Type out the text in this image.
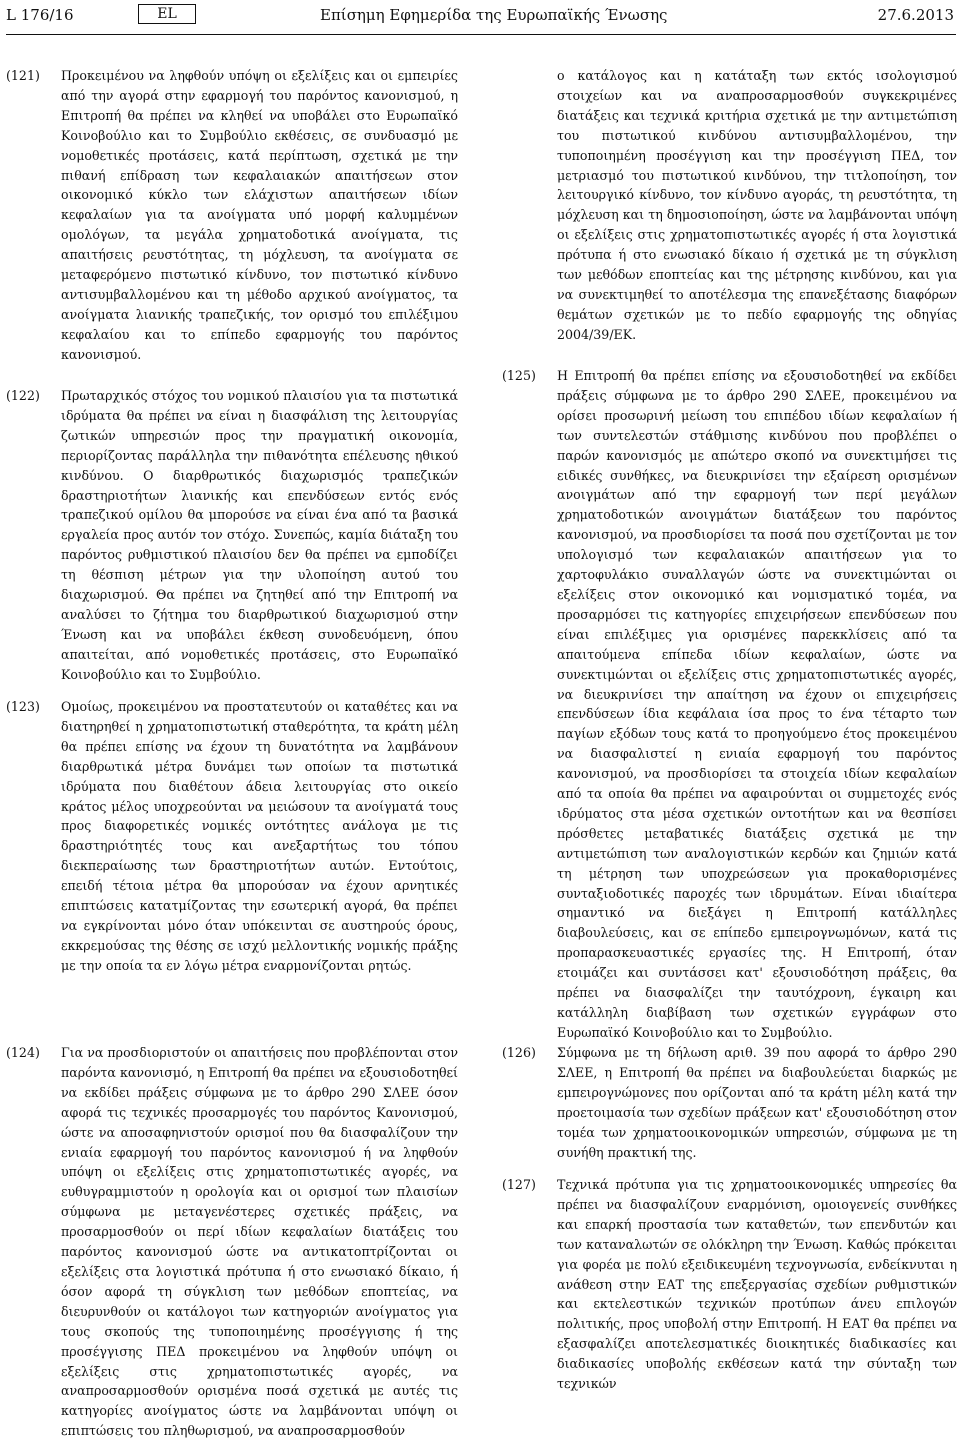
L 176/16	EL	Επίσημη Εφημερίδα της Ευρωπαϊκής Ένωσης	27.6.2013
(121) Προκειμένου να ληφθούν υπόψη οι εξελίξεις και οι εμπειρίες από την αγορά στην εφαρμογή του παρόντος κανονισμού, η Επιτροπή θα πρέπει να κληθεί να υποβάλει στο Ευρωπαϊκό Κοινοβούλιο και το Συμβούλιο εκθέσεις, σε συνδυασμό με νομοθετικές προτάσεις, κατά περίπτωση, σχετικά με την πιθανή επίδραση των κεφαλαιακών απαιτήσεων στον οικονομικό κύκλο των ελάχιστων απαιτήσεων ιδίων κεφαλαίων για τα ανοίγματα υπό μορφή καλυμμένων ομολόγων, τα μεγάλα χρηματοδοτικά ανοίγματα, τις απαιτήσεις ρευστότητας, τη μόχλευση, τα ανοίγματα σε μεταφερόμενο πιστωτικό κίνδυνο, τον πιστωτικό κίνδυνο αντισυμβαλλομένου και τη μέθοδο αρχικού ανοίγματος, τα ανοίγματα λιανικής τραπεζικής, τον ορισμό του επιλέξιμου κεφαλαίου και το επίπεδο εφαρμογής του παρόντος κανονισμού.
(122) Πρωταρχικός στόχος του νομικού πλαισίου για τα πιστωτικά ιδρύματα θα πρέπει να είναι η διασφάλιση της λειτουργίας ζωτικών υπηρεσιών προς την πραγματική οικονομία, περιορίζοντας παράλληλα την πιθανότητα επέλευσης ηθικού κινδύνου. Ο διαρθρωτικός διαχωρισμός τραπεζικών δραστηριοτήτων λιανικής και επενδύσεων εντός ενός τραπεζικού ομίλου θα μπορούσε να είναι ένα από τα βασικά εργαλεία προς αυτόν τον στόχο. Συνεπώς, καμία διάταξη του παρόντος ρυθμιστικού πλαισίου δεν θα πρέπει να εμποδίζει τη θέσπιση μέτρων για την υλοποίηση αυτού του διαχωρισμού. Θα πρέπει να ζητηθεί από την Επιτροπή να αναλύσει το ζήτημα του διαρθρωτικού διαχωρισμού στην Ένωση και να υποβάλει έκθεση συνοδευόμενη, όπου απαιτείται, από νομοθετικές προτάσεις, στο Ευρωπαϊκό Κοινοβούλιο και το Συμβούλιο.
(123) Ομοίως, προκειμένου να προστατευτούν οι καταθέτες και να διατηρηθεί η χρηματοπιστωτική σταθερότητα, τα κράτη μέλη θα πρέπει επίσης να έχουν τη δυνατότητα να λαμβάνουν διαρθρωτικά μέτρα δυνάμει των οποίων τα πιστωτικά ιδρύματα που διαθέτουν άδεια λειτουργίας στο οικείο κράτος μέλος υποχρεούνται να μειώσουν τα ανοίγματά τους προς διαφορετικές νομικές οντότητες ανάλογα με τις δραστηριότητές τους και ανεξαρτήτως του τόπου διεκπεραίωσης των δραστηριοτήτων αυτών. Εντούτοις, επειδή τέτοια μέτρα θα μπορούσαν να έχουν αρνητικές επιπτώσεις κατατμίζοντας την εσωτερική αγορά, θα πρέπει να εγκρίνονται μόνο όταν υπόκεινται σε αυστηρούς όρους, εκκρεμούσας της θέσης σε ισχύ μελλοντικής νομικής πράξης με την οποία τα εν λόγω μέτρα εναρμονίζονται ρητώς.
(124) Για να προσδιοριστούν οι απαιτήσεις που προβλέπονται στον παρόντα κανονισμό, η Επιτροπή θα πρέπει να εξουσιοδοτηθεί να εκδίδει πράξεις σύμφωνα με το άρθρο 290 ΣΛΕΕ όσον αφορά τις τεχνικές προσαρμογές του παρόντος Κανονισμού, ώστε να αποσαφηνιστούν ορισμοί που θα διασφαλίζουν την ενιαία εφαρμογή του παρόντος κανονισμού ή να ληφθούν υπόψη οι εξελίξεις στις χρηματοπιστωτικές αγορές, να ευθυγραμμιστούν η ορολογία και οι ορισμοί των πλαισίων σύμφωνα με μεταγενέστερες σχετικές πράξεις, να προσαρμοσθούν οι περί ιδίων κεφαλαίων διατάξεις του παρόντος κανονισμού ώστε να αντικατοπτρίζονται οι εξελίξεις στα λογιστικά πρότυπα ή στο ενωσιακό δίκαιο, ή όσον αφορά τη σύγκλιση των μεθόδων εποπτείας, να διευρυνθούν οι κατάλογοι των κατηγοριών ανοίγματος για τους σκοπούς της τυποποιημένης προσέγγισης ή της προσέγγισης ΠΕΔ προκειμένου να ληφθούν υπόψη οι εξελίξεις στις χρηματοπιστωτικές αγορές, να αναπροσαρμοσθούν ορισμένα ποσά σχετικά με αυτές τις κατηγορίες ανοίγματος ώστε να λαμβάνονται υπόψη οι επιπτώσεις του πληθωρισμού, να αναπροσαρμοσθούν
ο κατάλογος και η κατάταξη των εκτός ισολογισμού στοιχείων και να αναπροσαρμοσθούν συγκεκριμένες διατάξεις και τεχνικά κριτήρια σχετικά με την αντιμετώπιση του πιστωτικού κινδύνου αντισυμβαλλομένου, την τυποποιημένη προσέγγιση και την προσέγγιση ΠΕΔ, τον μετριασμό του πιστωτικού κινδύνου, την τιτλοποίηση, τον λειτουργικό κίνδυνο, τον κίνδυνο αγοράς, τη ρευστότητα, τη μόχλευση και τη δημοσιοποίηση, ώστε να λαμβάνονται υπόψη οι εξελίξεις στις χρηματοπιστωτικές αγορές ή στα λογιστικά πρότυπα ή στο ενωσιακό δίκαιο ή σχετικά με τη σύγκλιση των μεθόδων εποπτείας και της μέτρησης κινδύνου, και για να συνεκτιμηθεί το αποτέλεσμα της επανεξέτασης διαφόρων θεμάτων σχετικών με το πεδίο εφαρμογής της οδηγίας 2004/39/ΕΚ.
(125) Η Επιτροπή θα πρέπει επίσης να εξουσιοδοτηθεί να εκδίδει πράξεις σύμφωνα με το άρθρο 290 ΣΛΕΕ, προκειμένου να ορίσει προσωρινή μείωση του επιπέδου ιδίων κεφαλαίων ή των συντελεστών στάθμισης κινδύνου που προβλέπει ο παρών κανονισμός με απώτερο σκοπό να συνεκτιμήσει τις ειδικές συνθήκες, να διευκρινίσει την εξαίρεση ορισμένων ανοιγμάτων από την εφαρμογή των περί μεγάλων χρηματοδοτικών ανοιγμάτων διατάξεων του παρόντος κανονισμού, να προσδιορίσει τα ποσά που σχετίζονται με τον υπολογισμό των κεφαλαιακών απαιτήσεων για το χαρτοφυλάκιο συναλλαγών ώστε να συνεκτιμώνται οι εξελίξεις στον οικονομικό και νομισματικό τομέα, να προσαρμόσει τις κατηγορίες επιχειρήσεων επενδύσεων που είναι επιλέξιμες για ορισμένες παρεκκλίσεις από τα απαιτούμενα επίπεδα ιδίων κεφαλαίων, ώστε να συνεκτιμώνται οι εξελίξεις στις χρηματοπιστωτικές αγορές, να διευκρινίσει την απαίτηση να έχουν οι επιχειρήσεις επενδύσεων ίδια κεφάλαια ίσα προς το ένα τέταρτο των παγίων εξόδων τους κατά το προηγούμενο έτος προκειμένου να διασφαλιστεί η ενιαία εφαρμογή του παρόντος κανονισμού, να προσδιορίσει τα στοιχεία ιδίων κεφαλαίων από τα οποία θα πρέπει να αφαιρούνται οι συμμετοχές ενός ιδρύματος στα μέσα σχετικών οντοτήτων και να θεσπίσει πρόσθετες μεταβατικές διατάξεις σχετικά με την αντιμετώπιση των αναλογιστικών κερδών και ζημιών κατά τη μέτρηση των υποχρεώσεων για προκαθορισμένες συνταξιοδοτικές παροχές των ιδρυμάτων. Είναι ιδιαίτερα σημαντικό να διεξάγει η Επιτροπή κατάλληλες διαβουλεύσεις, και σε επίπεδο εμπειρογνωμόνων, κατά τις προπαρασκευαστικές εργασίες της. Η Επιτροπή, όταν ετοιμάζει και συντάσσει κατ' εξουσιοδότηση πράξεις, θα πρέπει να διασφαλίζει την ταυτόχρονη, έγκαιρη και κατάλληλη διαβίβαση των σχετικών εγγράφων στο Ευρωπαϊκό Κοινοβούλιο και το Συμβούλιο.
(126) Σύμφωνα με τη δήλωση αριθ. 39 που αφορά το άρθρο 290 ΣΛΕΕ, η Επιτροπή θα πρέπει να διαβουλεύεται διαρκώς με εμπειρογνώμονες που ορίζονται από τα κράτη μέλη κατά την προετοιμασία των σχεδίων πράξεων κατ' εξουσιοδότηση στον τομέα των χρηματοοικονομικών υπηρεσιών, σύμφωνα με τη συνήθη πρακτική της.
(127) Τεχνικά πρότυπα για τις χρηματοοικονομικές υπηρεσίες θα πρέπει να διασφαλίζουν εναρμόνιση, ομοιογενείς συνθήκες και επαρκή προστασία των καταθετών, των επενδυτών και των καταναλωτών σε ολόκληρη την Ένωση. Καθώς πρόκειται για φορέα με πολύ εξειδικευμένη τεχνογνωσία, ενδείκνυται η ανάθεση στην ΕΑΤ της επεξεργασίας σχεδίων ρυθμιστικών και εκτελεστικών τεχνικών προτύπων άνευ επιλογών πολιτικής, προς υποβολή στην Επιτροπή. Η ΕΑΤ θα πρέπει να εξασφαλίζει αποτελεσματικές διοικητικές διαδικασίες και διαδικασίες υποβολής εκθέσεων κατά την σύνταξη των τεχνικών
